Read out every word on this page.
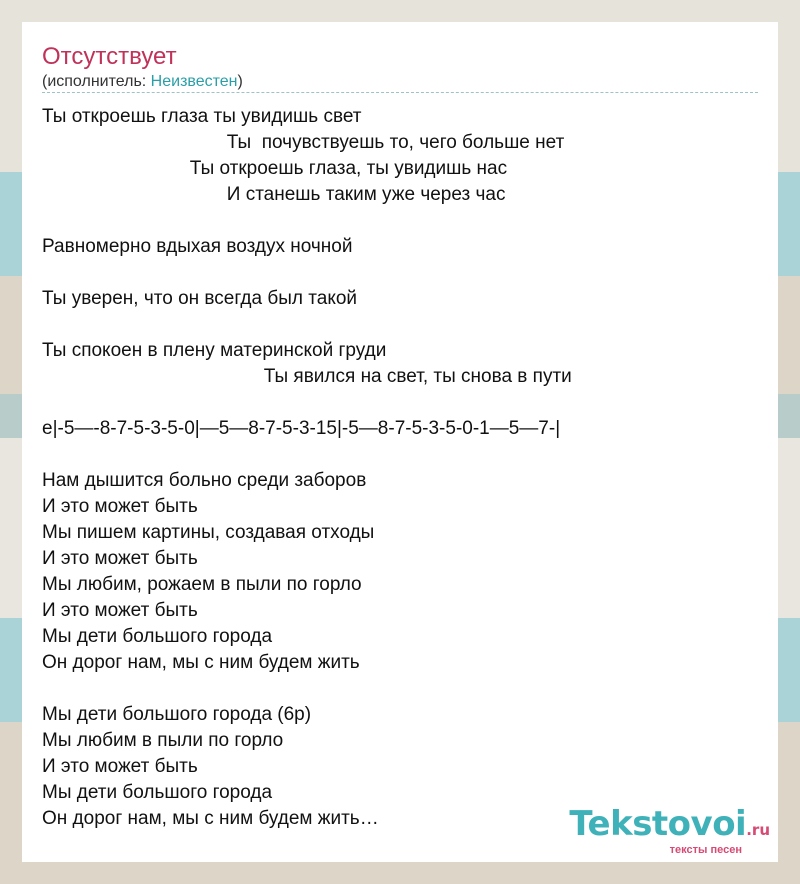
Отсутствует
(исполнитель: Неизвестен)
Ты откроешь глаза ты увидишь свет
Ты  почувствуешь то, чего больше нет
Ты откроешь глаза, ты увидишь нас
И станешь таким уже через час
Равномерно вдыхая воздух ночной
Ты уверен, что он всегда был такой
Ты спокоен в плену материнской груди
Ты явился на свет, ты снова в пути
е|-5—-8-7-5-3-5-0|—5—8-7-5-3-15|-5—8-7-5-3-5-0-1—5—7-|
Нам дышится больно среди заборов
И это может быть
Мы пишем картины, создавая отходы
И это может быть
Мы любим, рожаем в пыли по горло
И это может быть
Мы дети большого города
Он дорог нам, мы с ним будем жить
Мы дети большого города (6р)
Мы любим в пыли по горло
И это может быть
Мы дети большого города
Он дорог нам, мы с ним будем жить…	Tekstovoi.ru
тексты песен
